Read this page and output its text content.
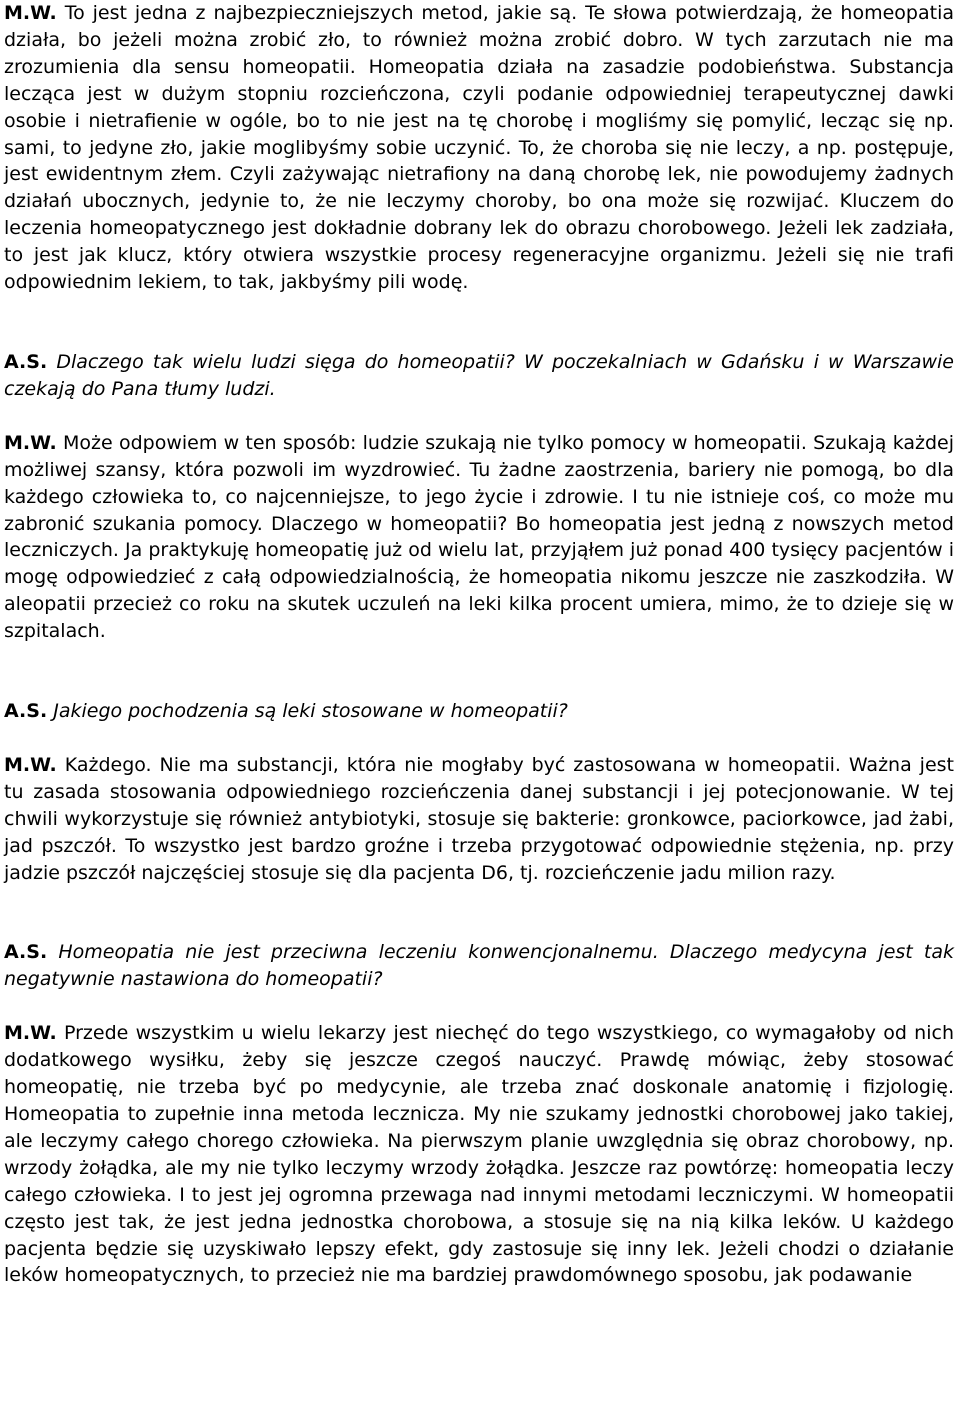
M.W. To jest jedna z najbezpieczniejszych metod, jakie są. Te słowa potwierdzają, że homeopatia działa, bo jeżeli można zrobić zło, to również można zrobić dobro. W tych zarzutach nie ma zrozumienia dla sensu homeopatii. Homeopatia działa na zasadzie podobieństwa. Substancja lecząca jest w dużym stopniu rozcieńczona, czyli podanie odpowiedniej terapeutycznej dawki osobie i nietrafienie w ogóle, bo to nie jest na tę chorobę i mogliśmy się pomylić, lecząc się np. sami, to jedyne zło, jakie moglibyśmy sobie uczynić. To, że choroba się nie leczy, a np. postępuje, jest ewidentnym złem. Czyli zażywając nietrafiony na daną chorobę lek, nie powodujemy żadnych działań ubocznych, jedynie to, że nie leczymy choroby, bo ona może się rozwijać. Kluczem do leczenia homeopatycznego jest dokładnie dobrany lek do obrazu chorobowego. Jeżeli lek zadziała, to jest jak klucz, który otwiera wszystkie procesy regeneracyjne organizmu. Jeżeli się nie trafi odpowiednim lekiem, to tak, jakbyśmy pili wodę.

A.S. Dlaczego tak wielu ludzi sięga do homeopatii? W poczekalniach w Gdańsku i w Warszawie czekają do Pana tłumy ludzi.

M.W. Może odpowiem w ten sposób: ludzie szukają nie tylko pomocy w homeopatii. Szukają każdej możliwej szansy, która pozwoli im wyzdrowieć. Tu żadne zaostrzenia, bariery nie pomogą, bo dla każdego człowieka to, co najcenniejsze, to jego życie i zdrowie. I tu nie istnieje coś, co może mu zabronić szukania pomocy. Dlaczego w homeopatii? Bo homeopatia jest jedną z nowszych metod leczniczych. Ja praktykuję homeopatię już od wielu lat, przyjąłem już ponad 400 tysięcy pacjentów i mogę odpowiedzieć z całą odpowiedzialnością, że homeopatia nikomu jeszcze nie zaszkodziła. W aleopatii przecież co roku na skutek uczuleń na leki kilka procent umiera, mimo, że to dzieje się w szpitalach.

A.S. Jakiego pochodzenia są leki stosowane w homeopatii?

M.W. Każdego. Nie ma substancji, która nie mogłaby być zastosowana w homeopatii. Ważna jest tu zasada stosowania odpowiedniego rozcieńczenia danej substancji i jej potecjonowanie. W tej chwili wykorzystuje się również antybiotyki, stosuje się bakterie: gronkowce, paciorkowce, jad żabi, jad pszczół. To wszystko jest bardzo groźne i trzeba przygotować odpowiednie stężenia, np. przy jadzie pszczół najczęściej stosuje się dla pacjenta D6, tj. rozcieńczenie jadu milion razy.

A.S. Homeopatia nie jest przeciwna leczeniu konwencjonalnemu. Dlaczego medycyna jest tak negatywnie nastawiona do homeopatii?

M.W. Przede wszystkim u wielu lekarzy jest niechęć do tego wszystkiego, co wymagałoby od nich dodatkowego wysiłku, żeby się jeszcze czegoś nauczyć. Prawdę mówiąc, żeby stosować homeopatię, nie trzeba być po medycynie, ale trzeba znać doskonale anatomię i fizjologię. Homeopatia to zupełnie inna metoda lecznicza. My nie szukamy jednostki chorobowej jako takiej, ale leczymy całego chorego człowieka. Na pierwszym planie uwzględnia się obraz chorobowy, np. wrzody żołądka, ale my nie tylko leczymy wrzody żołądka. Jeszcze raz powtórzę: homeopatia leczy całego człowieka. I to jest jej ogromna przewaga nad innymi metodami leczniczymi. W homeopatii często jest tak, że jest jedna jednostka chorobowa, a stosuje się na nią kilka leków. U każdego pacjenta będzie się uzyskiwało lepszy efekt, gdy zastosuje się inny lek. Jeżeli chodzi o działanie leków homeopatycznych, to przecież nie ma bardziej prawdomównego sposobu, jak podawanie
